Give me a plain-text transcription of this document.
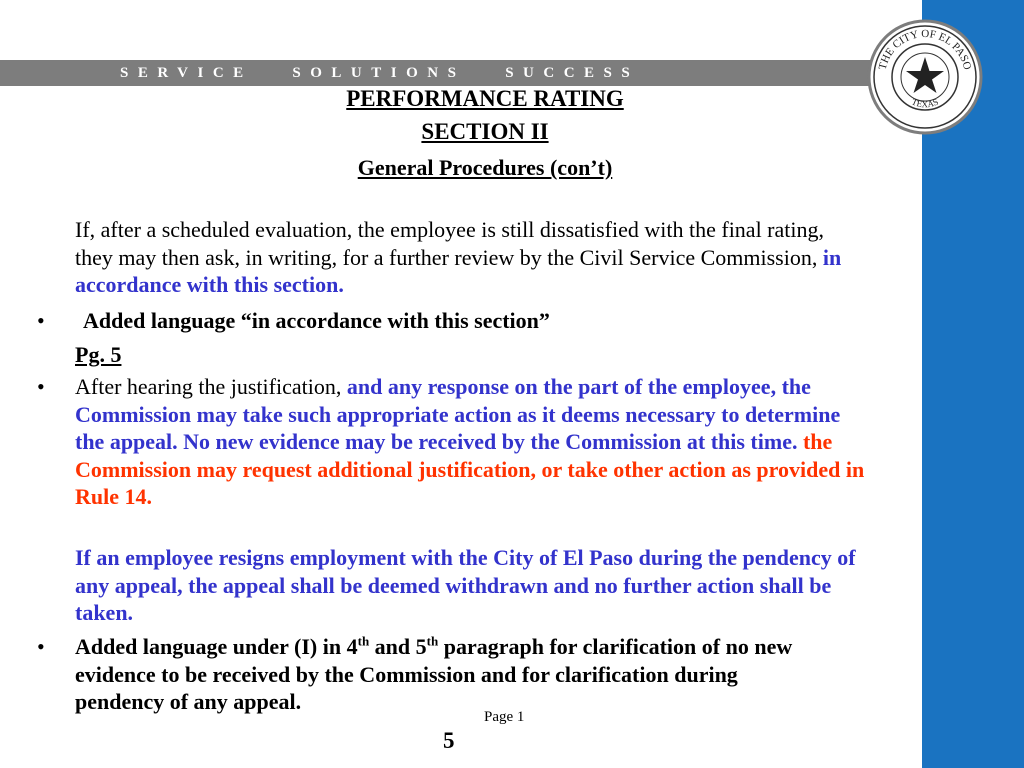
SERVICE   SOLUTIONS   SUCCESS	THE CITY OF EL PASO
TEXAS
PERFORMANCE RATING
SECTION II
General Procedures (con’t)
If, after a scheduled evaluation, the employee is still dissatisfied with the final rating, they may then ask, in writing, for a further review by the Civil Service Commission, in accordance with this section.
• Added language “in accordance with this section”
Pg. 5
• After hearing the justification, and any response on the part of the employee, the Commission may take such appropriate action as it deems necessary to determine the appeal. No new evidence may be received by the Commission at this time. the Commission may request additional justification, or take other action as provided in Rule 14.
If an employee resigns employment with the City of El Paso during the pendency of any appeal, the appeal shall be deemed withdrawn and no further action shall be taken.
• Added language under (I) in 4th and 5th paragraph for clarification of no new evidence to be received by the Commission and for clarification during pendency of any appeal.
Page 1
5
